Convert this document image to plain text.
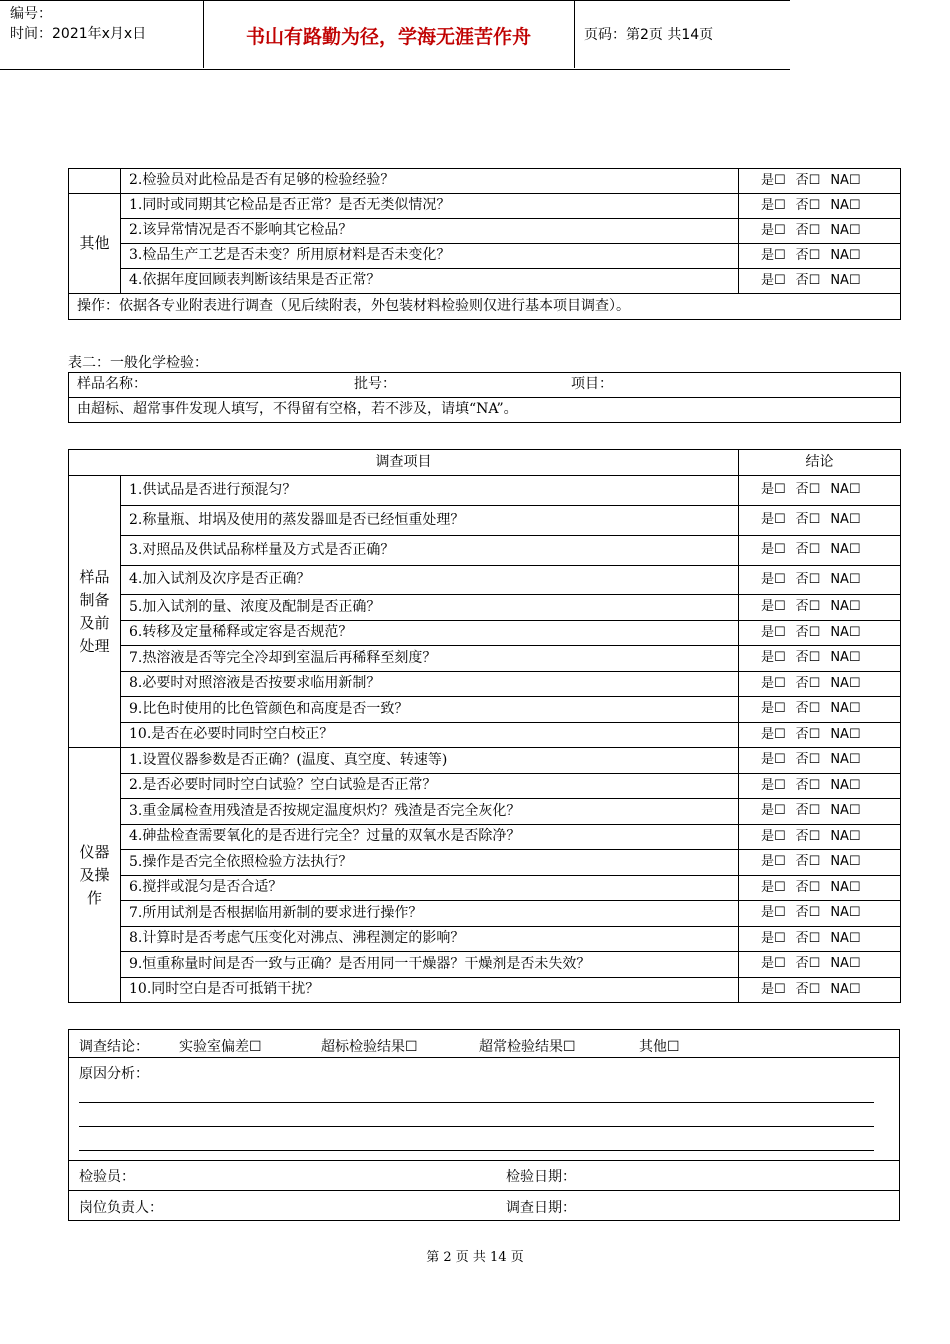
编号：
时间：2021年x月x日	书山有路勤为径，学海无涯苦作舟	页码：第2页 共14页
	2.检验员对此检品是否有足够的检验经验？	是☐ 否☐ NA☐
其他	1.同时或同期其它检品是否正常？是否无类似情况？	是☐ 否☐ NA☐
	2.该异常情况是否不影响其它检品？	是☐ 否☐ NA☐
	3.检品生产工艺是否未变？所用原材料是否未变化？	是☐ 否☐ NA☐
	4.依据年度回顾表判断该结果是否正常？	是☐ 否☐ NA☐
操作：依据各专业附表进行调查（见后续附表，外包装材料检验则仅进行基本项目调查）。		
表二：一般化学检验：
样品名称：	批号：	项目：

由超标、超常事件发现人填写，不得留有空格，若不涉及，请填“NA”。
调查项目		结论
样品制备及前处理	1.供试品是否进行预混匀？	是☐ 否☐ NA☐
	2.称量瓶、坩埚及使用的蒸发器皿是否已经恒重处理？	是☐ 否☐ NA☐
	3.对照品及供试品称样量及方式是否正确？	是☐ 否☐ NA☐
	4.加入试剂及次序是否正确？	是☐ 否☐ NA☐
	5.加入试剂的量、浓度及配制是否正确？	是☐ 否☐ NA☐
	6.转移及定量稀释或定容是否规范？	是☐ 否☐ NA☐
	7.热溶液是否等完全冷却到室温后再稀释至刻度？	是☐ 否☐ NA☐
	8.必要时对照溶液是否按要求临用新制？	是☐ 否☐ NA☐
	9.比色时使用的比色管颜色和高度是否一致？	是☐ 否☐ NA☐
	10.是否在必要时同时空白校正？	是☐ 否☐ NA☐
仪器及操作	1.设置仪器参数是否正确？(温度、真空度、转速等)	是☐ 否☐ NA☐
	2.是否必要时同时空白试验？空白试验是否正常？	是☐ 否☐ NA☐
	3.重金属检查用残渣是否按规定温度炽灼？残渣是否完全灰化？	是☐ 否☐ NA☐
	4.砷盐检查需要氧化的是否进行完全？过量的双氧水是否除净？	是☐ 否☐ NA☐
	5.操作是否完全依照检验方法执行？	是☐ 否☐ NA☐
	6.搅拌或混匀是否合适？	是☐ 否☐ NA☐
	7.所用试剂是否根据临用新制的要求进行操作？	是☐ 否☐ NA☐
	8.计算时是否考虑气压变化对沸点、沸程测定的影响？	是☐ 否☐ NA☐
	9.恒重称量时间是否一致与正确？是否用同一干燥器？干燥剂是否未失效？	是☐ 否☐ NA☐
	10.同时空白是否可抵销干扰？	是☐ 否☐ NA☐
调查结论： 实验室偏差☐	超标检验结果☐	超常检验结果☐	其他☐
原因分析：
检验员：	检验日期：
岗位负责人：	调查日期：
第 2 页 共 14 页
